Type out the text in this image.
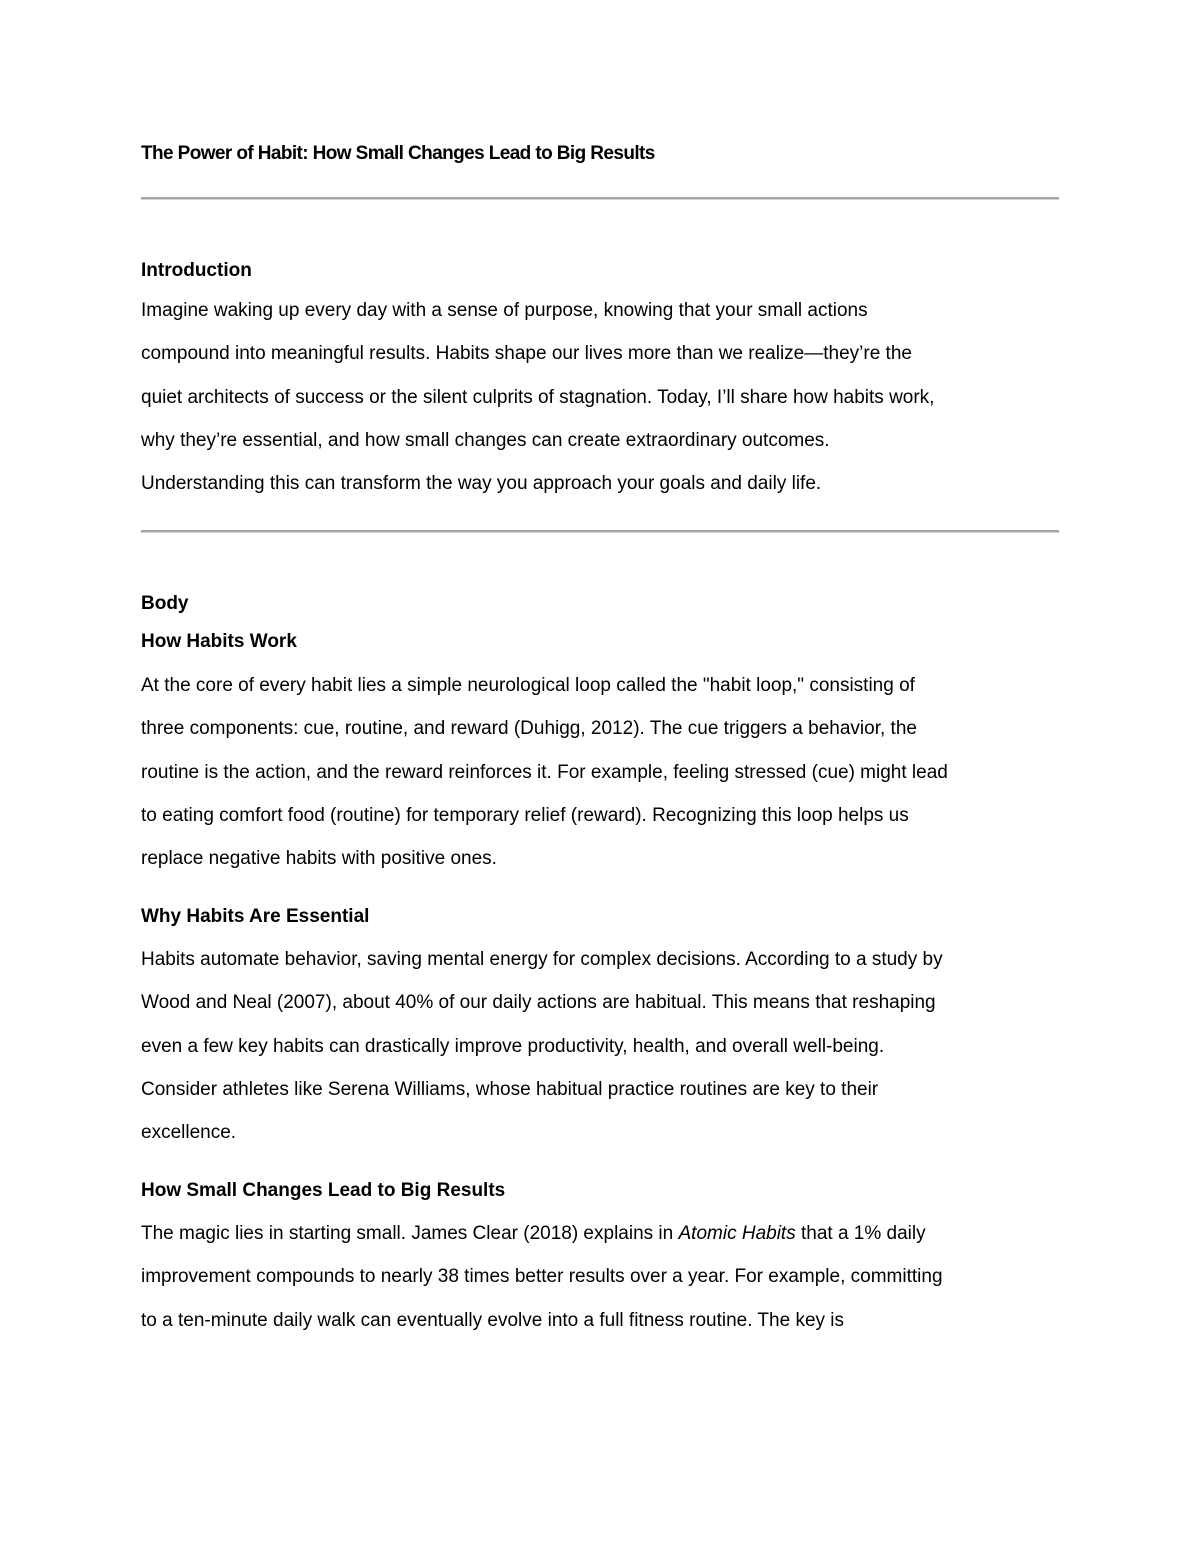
The Power of Habit: How Small Changes Lead to Big Results
Introduction
Imagine waking up every day with a sense of purpose, knowing that your small actions
compound into meaningful results. Habits shape our lives more than we realize—they’re the
quiet architects of success or the silent culprits of stagnation. Today, I’ll share how habits work,
why they’re essential, and how small changes can create extraordinary outcomes.
Understanding this can transform the way you approach your goals and daily life.
Body
How Habits Work
At the core of every habit lies a simple neurological loop called the "habit loop," consisting of
three components: cue, routine, and reward (Duhigg, 2012). The cue triggers a behavior, the
routine is the action, and the reward reinforces it. For example, feeling stressed (cue) might lead
to eating comfort food (routine) for temporary relief (reward). Recognizing this loop helps us
replace negative habits with positive ones.
Why Habits Are Essential
Habits automate behavior, saving mental energy for complex decisions. According to a study by
Wood and Neal (2007), about 40% of our daily actions are habitual. This means that reshaping
even a few key habits can drastically improve productivity, health, and overall well-being.
Consider athletes like Serena Williams, whose habitual practice routines are key to their
excellence.
How Small Changes Lead to Big Results
The magic lies in starting small. James Clear (2018) explains in Atomic Habits that a 1% daily
improvement compounds to nearly 38 times better results over a year. For example, committing
to a ten-minute daily walk can eventually evolve into a full fitness routine. The key is
